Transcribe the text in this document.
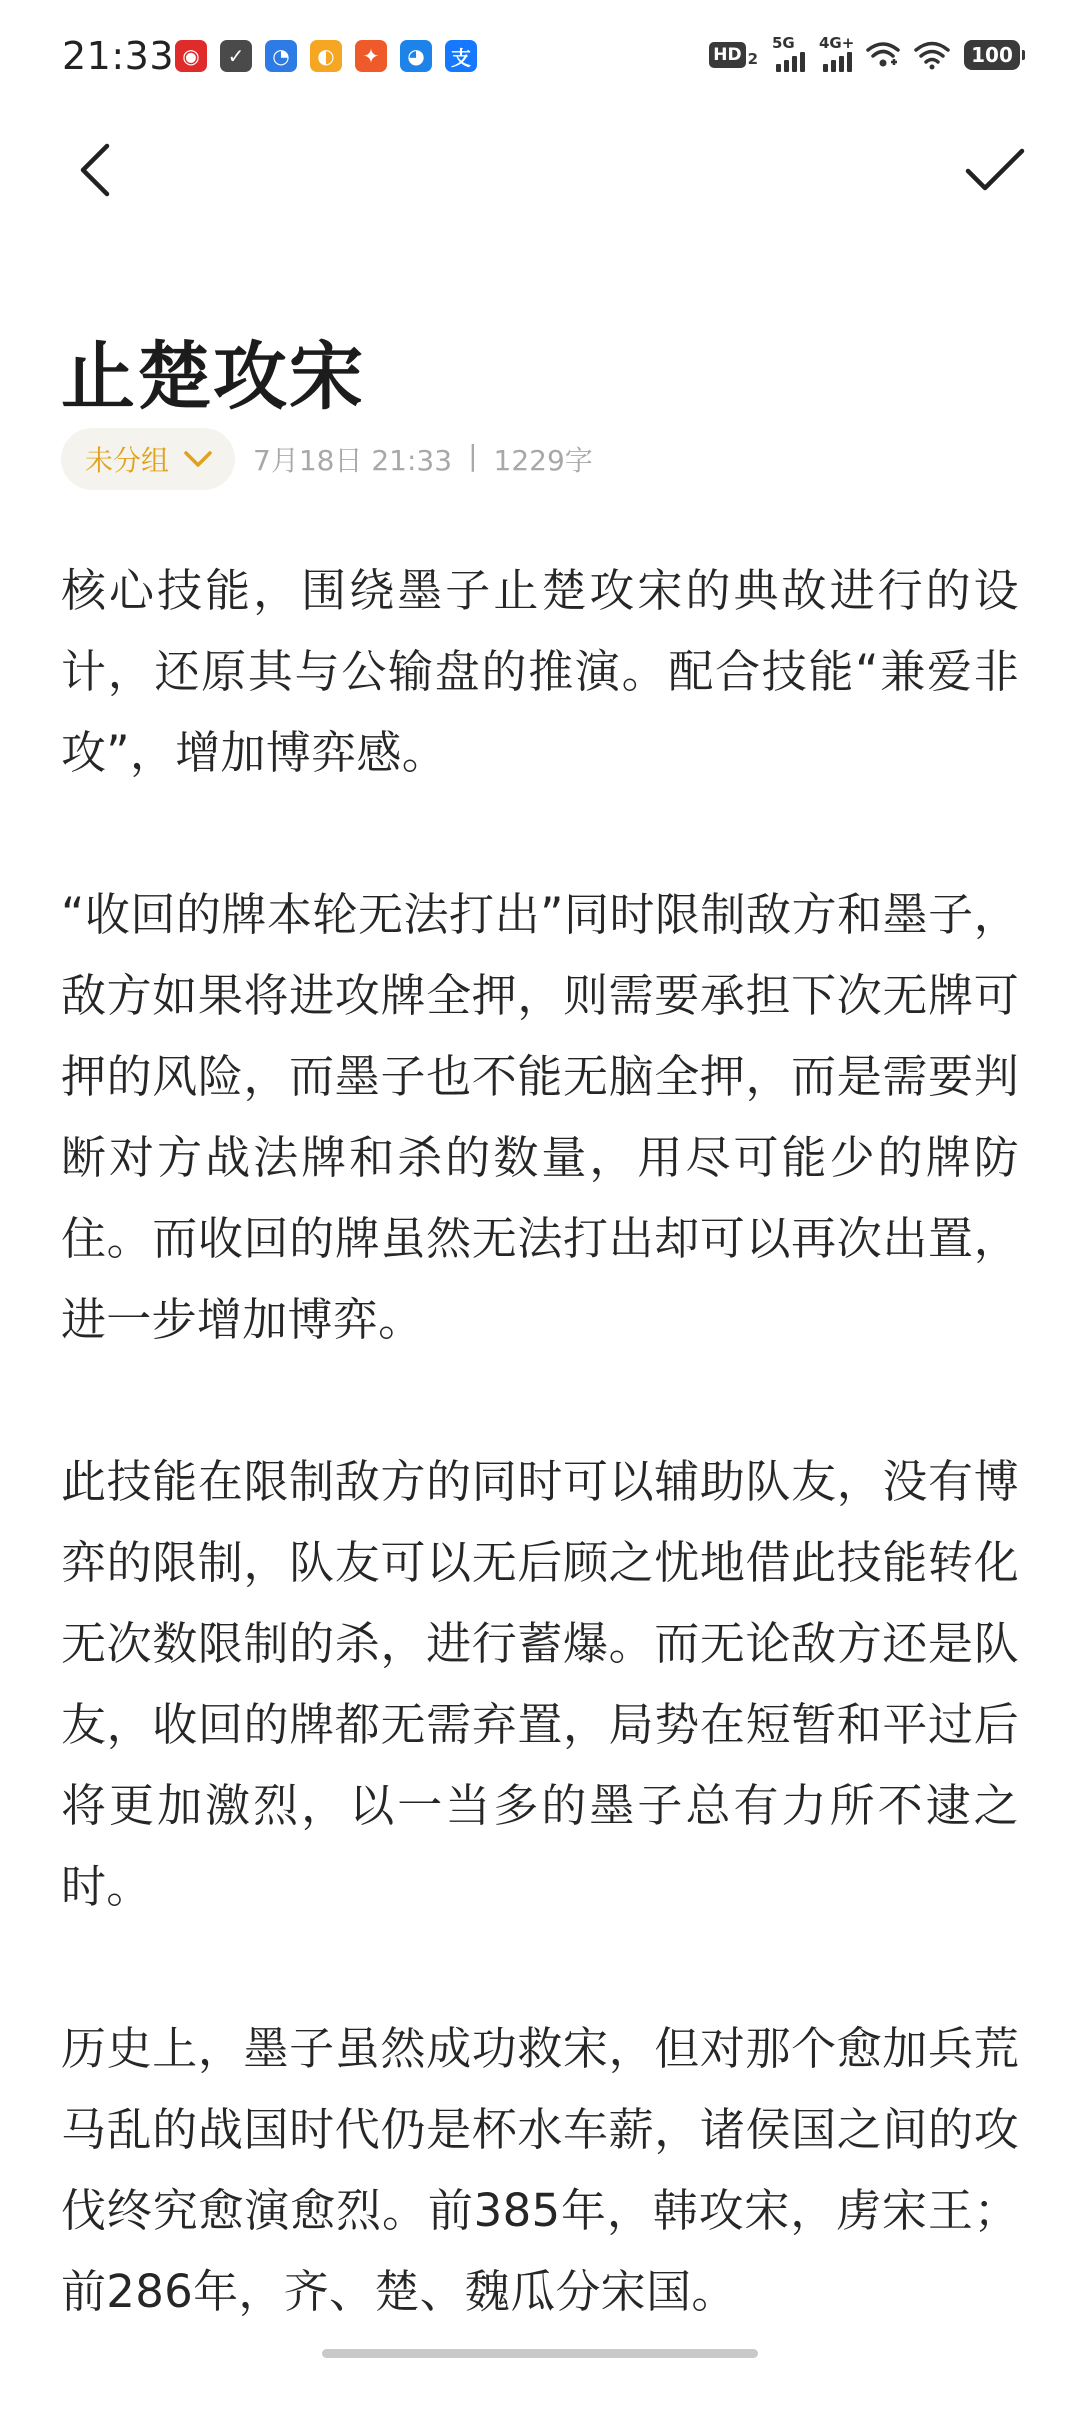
21:33 ◉	✓	◔	◐	✦	◕	支	HD 2
5G 4G+	100
止楚攻宋
未分组	7月18日 21:33 | 1229字

核心技能，围绕墨子止楚攻宋的典故进行的设计，还原其与公输盘的推演。配合技能“兼爱非攻”，增加博弈感。

“收回的牌本轮无法打出”同时限制敌方和墨子，敌方如果将进攻牌全押，则需要承担下次无牌可押的风险，而墨子也不能无脑全押，而是需要判断对方战法牌和杀的数量，用尽可能少的牌防住。而收回的牌虽然无法打出却可以再次出置，进一步增加博弈。

此技能在限制敌方的同时可以辅助队友，没有博弈的限制，队友可以无后顾之忧地借此技能转化无次数限制的杀，进行蓄爆。而无论敌方还是队友，收回的牌都无需弃置，局势在短暂和平过后将更加激烈，以一当多的墨子总有力所不逮之时。

历史上，墨子虽然成功救宋，但对那个愈加兵荒马乱的战国时代仍是杯水车薪，诸侯国之间的攻伐终究愈演愈烈。前385年，韩攻宋，虏宋王；前286年，齐、楚、魏瓜分宋国。
